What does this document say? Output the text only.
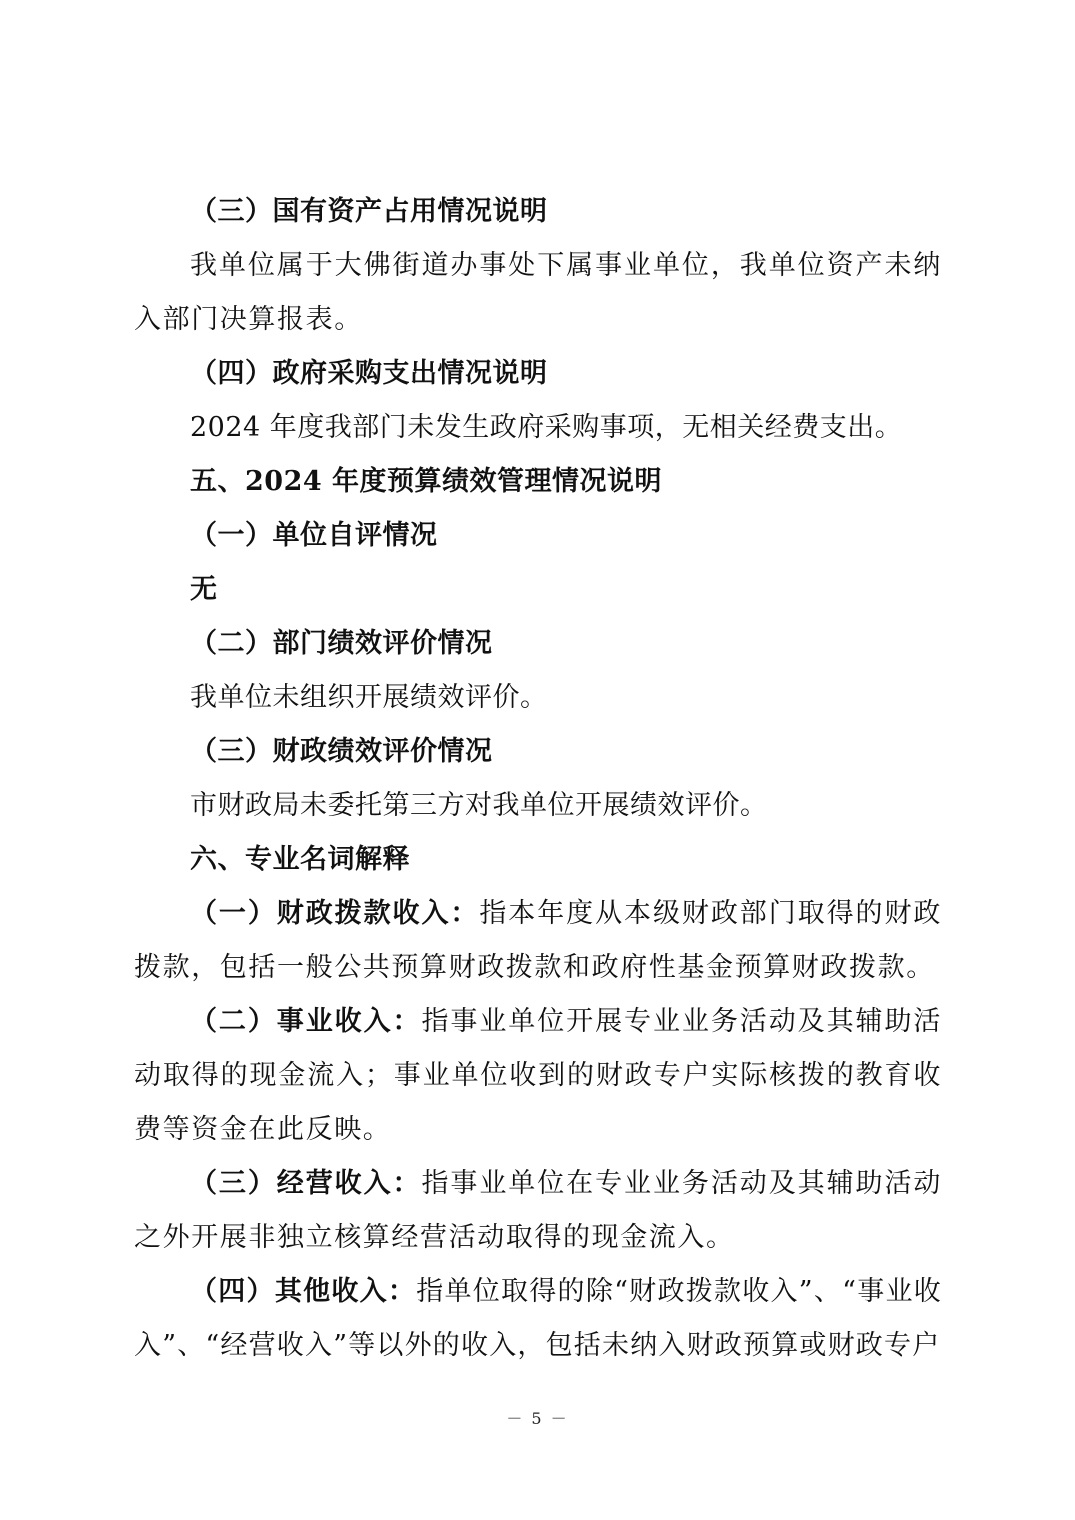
（三）国有资产占用情况说明

我单位属于大佛街道办事处下属事业单位，我单位资产未纳入部门决算报表。

（四）政府采购支出情况说明
2024 年度我部门未发生政府采购事项，无相关经费支出。
五、2024 年度预算绩效管理情况说明
（一）单位自评情况
无
（二）部门绩效评价情况
我单位未组织开展绩效评价。
（三）财政绩效评价情况
市财政局未委托第三方对我单位开展绩效评价。
六、专业名词解释

（一）财政拨款收入：指本年度从本级财政部门取得的财政拨款，包括一般公共预算财政拨款和政府性基金预算财政拨款。

（二）事业收入：指事业单位开展专业业务活动及其辅助活动取得的现金流入；事业单位收到的财政专户实际核拨的教育收费等资金在此反映。

（三）经营收入：指事业单位在专业业务活动及其辅助活动之外开展非独立核算经营活动取得的现金流入。

（四）其他收入：指单位取得的除“财政拨款收入”、“事业收入”、“经营收入”等以外的收入，包括未纳入财政预算或财政专户

－ 5 －
